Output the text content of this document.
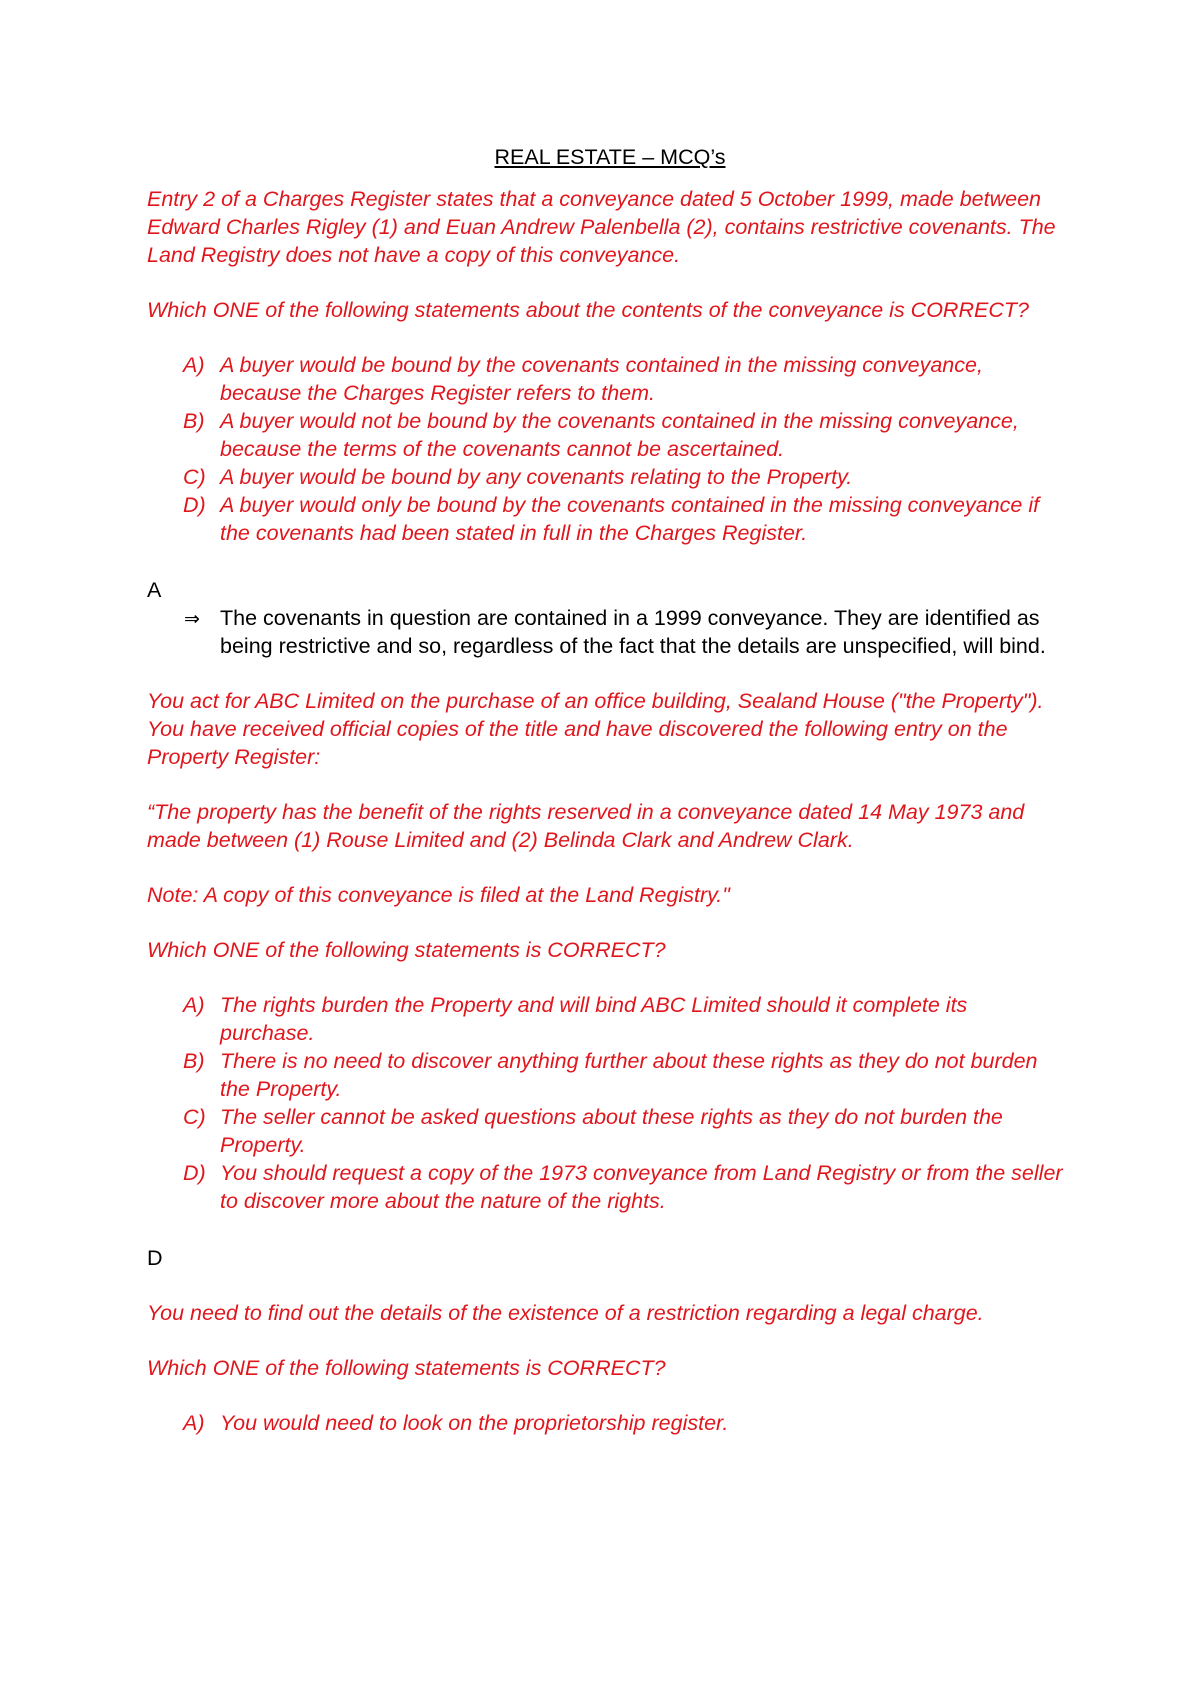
REAL ESTATE – MCQ’s

Entry 2 of a Charges Register states that a conveyance dated 5 October 1999, made between Edward Charles Rigley (1) and Euan Andrew Palenbella (2), contains restrictive covenants. The Land Registry does not have a copy of this conveyance.

Which ONE of the following statements about the contents of the conveyance is CORRECT?

A) A buyer would be bound by the covenants contained in the missing conveyance, because the Charges Register refers to them.
B) A buyer would not be bound by the covenants contained in the missing conveyance, because the terms of the covenants cannot be ascertained.
C) A buyer would be bound by any covenants relating to the Property.
D) A buyer would only be bound by the covenants contained in the missing conveyance if the covenants had been stated in full in the Charges Register.

A

⇒ The covenants in question are contained in a 1999 conveyance. They are identified as being restrictive and so, regardless of the fact that the details are unspecified, will bind.

You act for ABC Limited on the purchase of an office building, Sealand House ("the Property"). You have received official copies of the title and have discovered the following entry on the Property Register:

“The property has the benefit of the rights reserved in a conveyance dated 14 May 1973 and made between (1) Rouse Limited and (2) Belinda Clark and Andrew Clark.

Note: A copy of this conveyance is filed at the Land Registry."

Which ONE of the following statements is CORRECT?

A) The rights burden the Property and will bind ABC Limited should it complete its purchase.
B) There is no need to discover anything further about these rights as they do not burden the Property.
C) The seller cannot be asked questions about these rights as they do not burden the Property.
D) You should request a copy of the 1973 conveyance from Land Registry or from the seller to discover more about the nature of the rights.

D

You need to find out the details of the existence of a restriction regarding a legal charge.

Which ONE of the following statements is CORRECT?

A) You would need to look on the proprietorship register.
